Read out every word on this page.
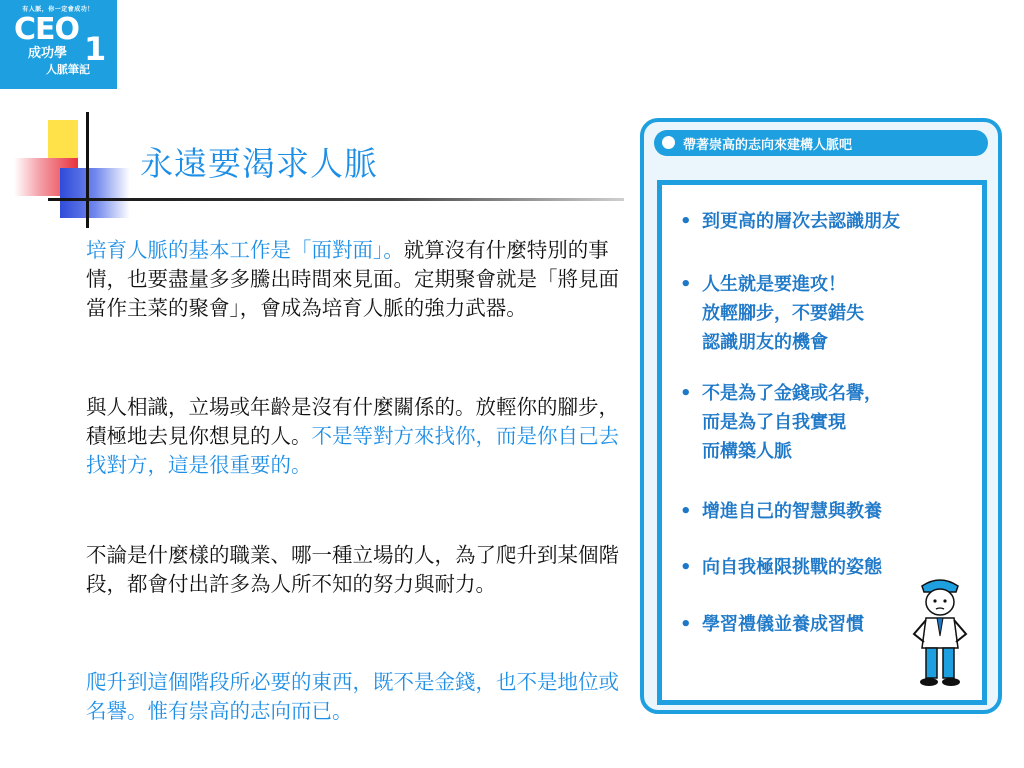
有人脈，你一定會成功！
CEO
1
成功學
人脈筆記
永遠要渴求人脈

培育人脈的基本工作是「面對面」。就算沒有什麼特別的事情，也要盡量多多騰出時間來見面。定期聚會就是「將見面當作主菜的聚會」，會成為培育人脈的強力武器。

與人相識，立場或年齡是沒有什麼關係的。放輕你的腳步，積極地去見你想見的人。不是等對方來找你，而是你自己去找對方，這是很重要的。

不論是什麼樣的職業、哪一種立場的人，為了爬升到某個階段，都會付出許多為人所不知的努力與耐力。

爬升到這個階段所必要的東西，既不是金錢，也不是地位或名譽。惟有崇高的志向而已。

帶著崇高的志向來建構人脈吧
• 到更高的層次去認識朋友
• 人生就是要進攻！
放輕腳步，不要錯失
認識朋友的機會
• 不是為了金錢或名譽，
而是為了自我實現
而構築人脈
• 增進自己的智慧與教養
• 向自我極限挑戰的姿態
• 學習禮儀並養成習慣
